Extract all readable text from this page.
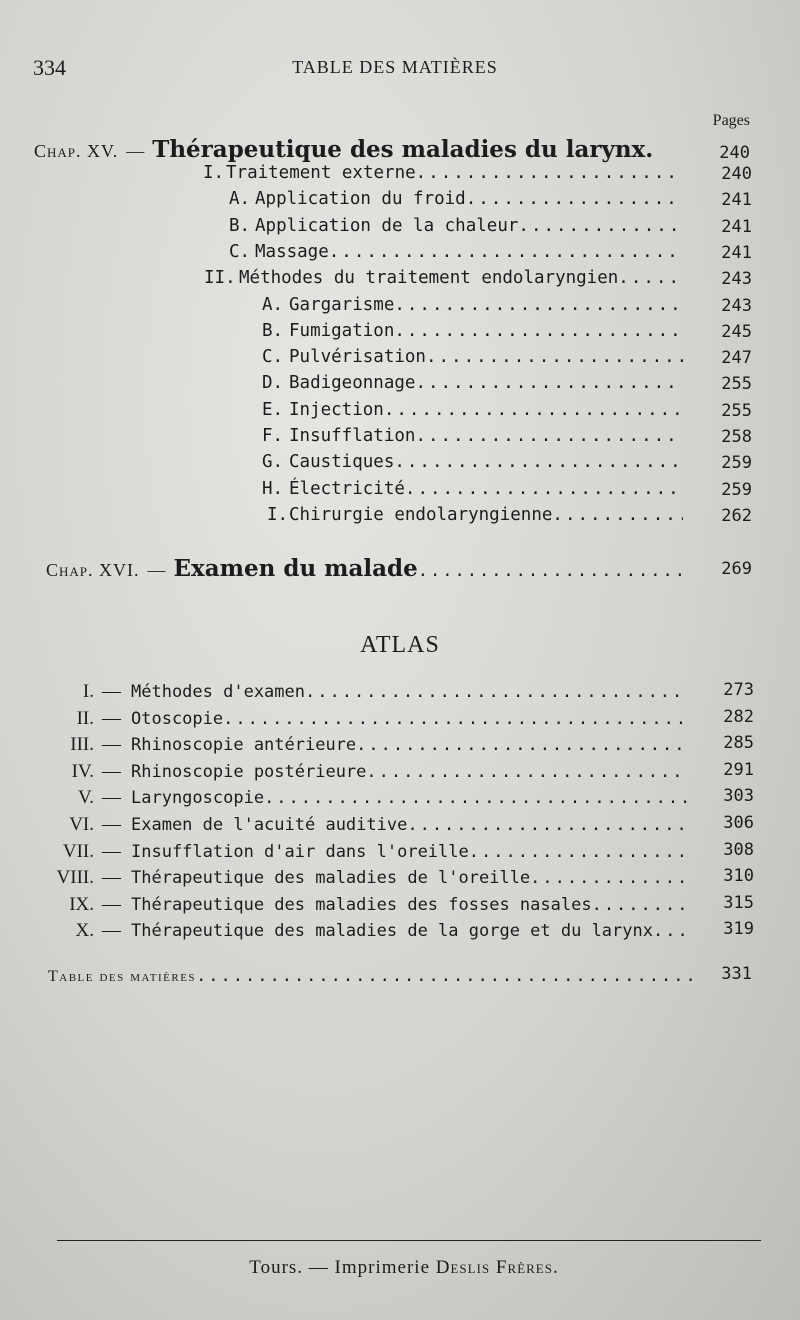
334	TABLE DES MATIÈRES
Pages
Chap. XV. — Thérapeutique des maladies du larynx.	240
I. Traitement externe .....	240
A. Application du froid .....	241
B. Application de la chaleur .....	241
C. Massage .....	241
II. Méthodes du traitement endolaryngien .....	243
A. Gargarisme .....	243
B. Fumigation .....	245
C. Pulvérisation .....	247
D. Badigeonnage .....	255
E. Injection .....	255
F. Insufflation .....	258
G. Caustiques .....	259
H. Électricité .....	259
I. Chirurgie endolaryngienne .....	262
Chap. XVI. — Examen du malade .....	269
ATLAS
I. — Méthodes d'examen .....	273
II. — Otoscopie .....	282
III. — Rhinoscopie antérieure .....	285
IV. — Rhinoscopie postérieure .....	291
V. — Laryngoscopie .....	303
VI. — Examen de l'acuité auditive .....	306
VII. — Insufflation d'air dans l'oreille .....	308
VIII. — Thérapeutique des maladies de l'oreille .....	310
IX. — Thérapeutique des maladies des fosses nasales .....	315
X. — Thérapeutique des maladies de la gorge et du larynx .....	319
Table des matières .....	331
Tours. — Imprimerie Deslis Frères.
